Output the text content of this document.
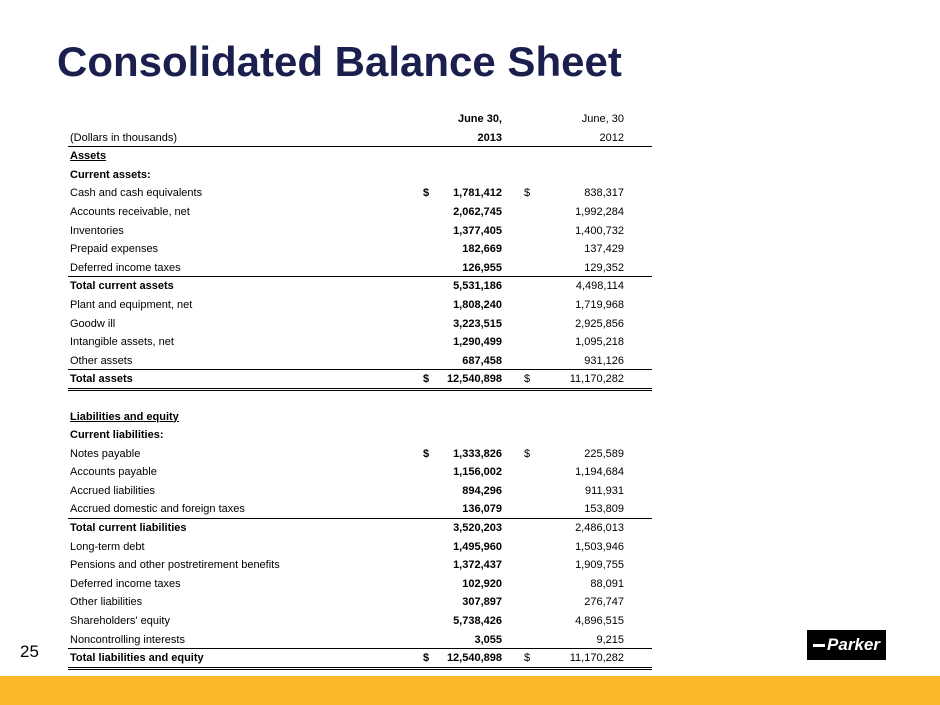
Consolidated Balance Sheet
June 30,	June, 30
(Dollars in thousands)	2013	2012
Assets
Current assets:
Cash and cash equivalents	$ 1,781,412 $	838,317
Accounts receivable, net	2,062,745	1,992,284
Inventories	1,377,405	1,400,732
Prepaid expenses	182,669	137,429
Deferred income taxes	126,955	129,352
Total current assets	5,531,186	4,498,114
Plant and equipment, net	1,808,240	1,719,968
Goodw ill	3,223,515	2,925,856
Intangible assets, net	1,290,499	1,095,218
Other assets	687,458	931,126
Total assets	$ 12,540,898 $	11,170,282
Liabilities and equity
Current liabilities:
Notes payable	$ 1,333,826 $	225,589
Accounts payable	1,156,002	1,194,684
Accrued liabilities	894,296	911,931
Accrued domestic and foreign taxes	136,079	153,809
Total current liabilities	3,520,203	2,486,013
Long-term debt	1,495,960	1,503,946
Pensions and other postretirement benefits	1,372,437	1,909,755
Deferred income taxes	102,920	88,091
Other liabilities	307,897	276,747
Shareholders' equity	5,738,426	4,896,515
Noncontrolling interests	3,055	9,215
Total liabilities and equity	$ 12,540,898 $	11,170,282
25	Parker
